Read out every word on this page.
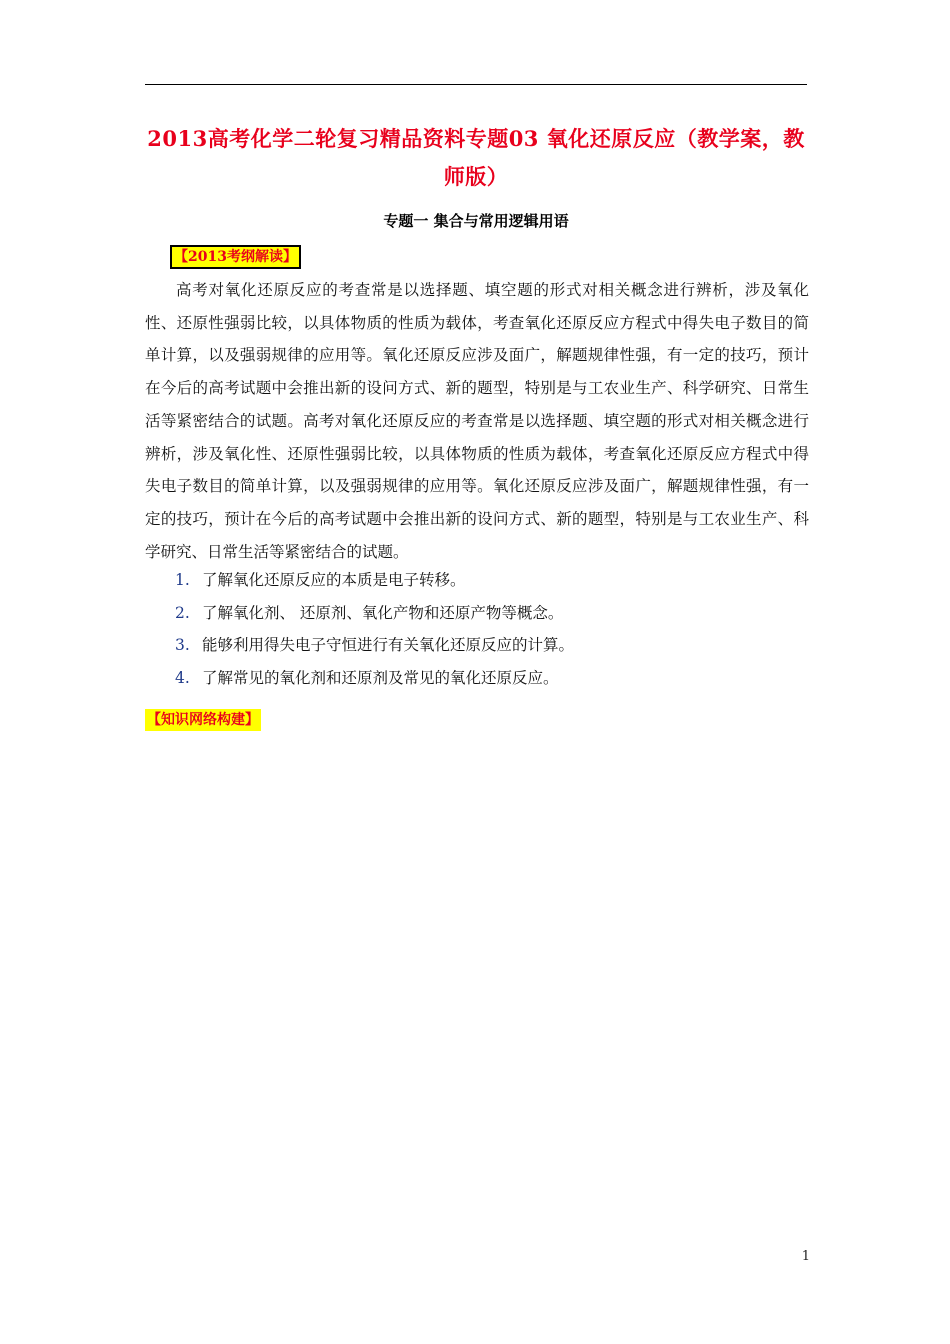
2013高考化学二轮复习精品资料专题03 氧化还原反应（教学案，教师版）
专题一 集合与常用逻辑用语
【2013考纲解读】

高考对氧化还原反应的考查常是以选择题、填空题的形式对相关概念进行辨析，涉及氧化性、还原性强弱比较，以具体物质的性质为载体，考查氧化还原反应方程式中得失电子数目的简单计算，以及强弱规律的应用等。氧化还原反应涉及面广，解题规律性强，有一定的技巧，预计在今后的高考试题中会推出新的设问方式、新的题型，特别是与工农业生产、科学研究、日常生活等紧密结合的试题。高考对氧化还原反应的考查常是以选择题、填空题的形式对相关概念进行辨析，涉及氧化性、还原性强弱比较，以具体物质的性质为载体，考查氧化还原反应方程式中得失电子数目的简单计算，以及强弱规律的应用等。氧化还原反应涉及面广，解题规律性强，有一定的技巧，预计在今后的高考试题中会推出新的设问方式、新的题型，特别是与工农业生产、科学研究、日常生活等紧密结合的试题。

1. 了解氧化还原反应的本质是电子转移。
2. 了解氧化剂、 还原剂、氧化产物和还原产物等概念。
3. 能够利用得失电子守恒进行有关氧化还原反应的计算。
4. 了解常见的氧化剂和还原剂及常见的氧化还原反应。
【知识网络构建】
1
